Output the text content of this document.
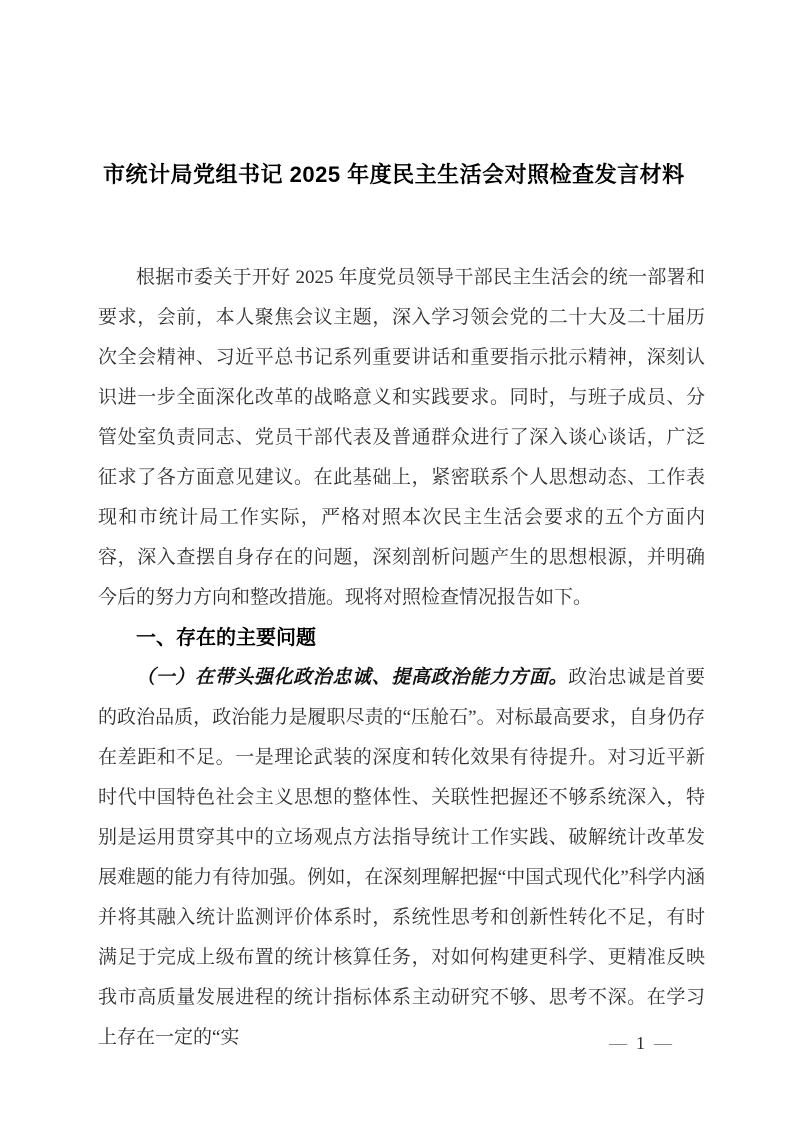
市统计局党组书记 2025 年度民主生活会对照检查发言材料

根据市委关于开好 2025 年度党员领导干部民主生活会的统一部署和要求，会前，本人聚焦会议主题，深入学习领会党的二十大及二十届历次全会精神、习近平总书记系列重要讲话和重要指示批示精神，深刻认识进一步全面深化改革的战略意义和实践要求。同时，与班子成员、分管处室负责同志、党员干部代表及普通群众进行了深入谈心谈话，广泛征求了各方面意见建议。在此基础上，紧密联系个人思想动态、工作表现和市统计局工作实际，严格对照本次民主生活会要求的五个方面内容，深入查摆自身存在的问题，深刻剖析问题产生的思想根源，并明确今后的努力方向和整改措施。现将对照检查情况报告如下。

一、存在的主要问题

（一）在带头强化政治忠诚、提高政治能力方面。政治忠诚是首要的政治品质，政治能力是履职尽责的“压舱石”。对标最高要求，自身仍存在差距和不足。一是理论武装的深度和转化效果有待提升。对习近平新时代中国特色社会主义思想的整体性、关联性把握还不够系统深入，特别是运用贯穿其中的立场观点方法指导统计工作实践、破解统计改革发展难题的能力有待加强。例如，在深刻理解把握“中国式现代化”科学内涵并将其融入统计监测评价体系时，系统性思考和创新性转化不足，有时满足于完成上级布置的统计核算任务，对如何构建更科学、更精准反映我市高质量发展进程的统计指标体系主动研究不够、思考不深。在学习上存在一定的“实	— 1 —
